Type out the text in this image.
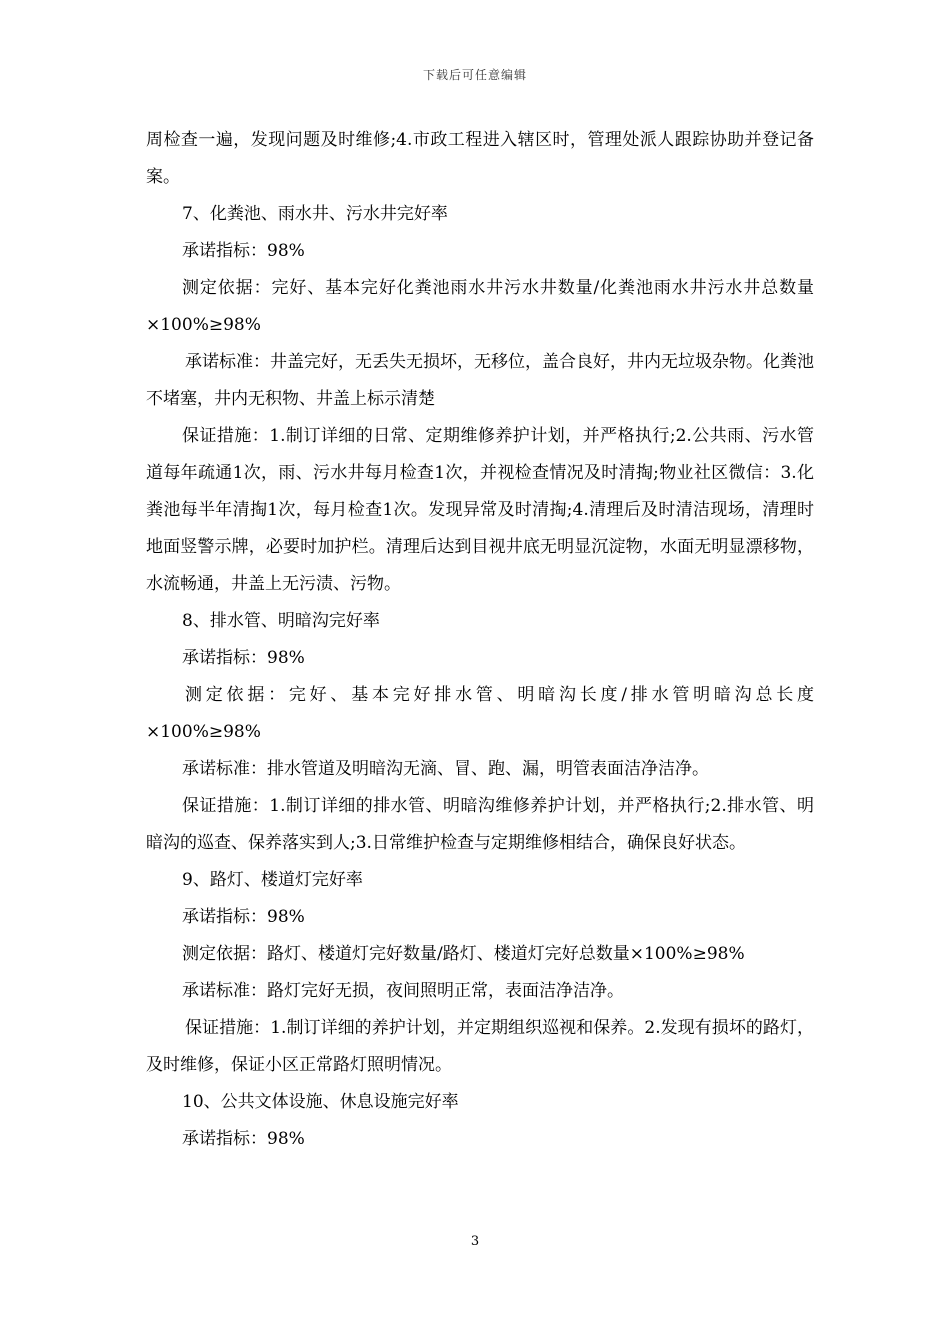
下载后可任意编辑

周检查一遍，发现问题及时维修;4.市政工程进入辖区时，管理处派人跟踪协助并登记备案。

7、化粪池、雨水井、污水井完好率

承诺指标：98%

测定依据：完好、基本完好化粪池雨水井污水井数量/化粪池雨水井污水井总数量×100%≥98%

承诺标准：井盖完好，无丢失无损坏，无移位，盖合良好，井内无垃圾杂物。化粪池不堵塞，井内无积物、井盖上标示清楚

保证措施：1.制订详细的日常、定期维修养护计划，并严格执行;2.公共雨、污水管道每年疏通1次，雨、污水井每月检查1次，并视检查情况及时清掏;物业社区微信：3.化粪池每半年清掏1次，每月检查1次。发现异常及时清掏;4.清理后及时清洁现场，清理时地面竖警示牌，必要时加护栏。清理后达到目视井底无明显沉淀物，水面无明显漂移物，水流畅通，井盖上无污渍、污物。

8、排水管、明暗沟完好率

承诺指标：98%

测定依据：完好、基本完好排水管、明暗沟长度/排水管明暗沟总长度×100%≥98%

承诺标准：排水管道及明暗沟无滴、冒、跑、漏，明管表面洁净洁净。

保证措施：1.制订详细的排水管、明暗沟维修养护计划，并严格执行;2.排水管、明暗沟的巡查、保养落实到人;3.日常维护检查与定期维修相结合，确保良好状态。

9、路灯、楼道灯完好率

承诺指标：98%

测定依据：路灯、楼道灯完好数量/路灯、楼道灯完好总数量×100%≥98%

承诺标准：路灯完好无损，夜间照明正常，表面洁净洁净。

保证措施：1.制订详细的养护计划，并定期组织巡视和保养。2.发现有损坏的路灯，及时维修，保证小区正常路灯照明情况。

10、公共文体设施、休息设施完好率

承诺指标：98%

3
